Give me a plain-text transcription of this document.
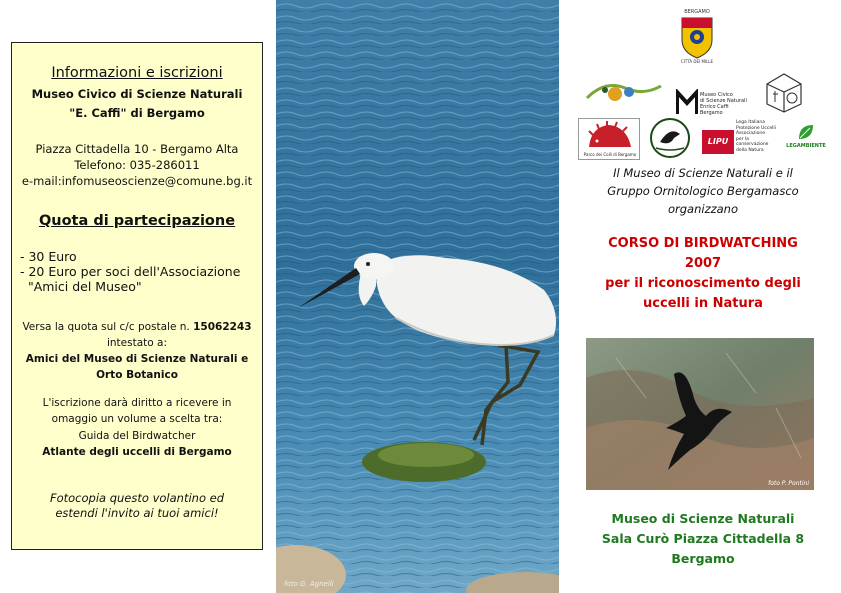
Informazioni e iscrizioni
Museo Civico di Scienze Naturali
"E. Caffi" di Bergamo
Piazza Cittadella 10 - Bergamo Alta
Telefono: 035-286011
e-mail:infomuseoscienze@comune.bg.it
Quota di partecipazione
- 30 Euro
- 20 Euro per soci dell'Associazione
"Amici del Museo"
Versa la quota sul c/c postale n. 15062243
intestato a:
Amici del Museo di Scienze Naturali e
Orto Botanico
L'iscrizione darà diritto a ricevere in
omaggio un volume a scelta tra:
Guida del Birdwatcher
Atlante degli uccelli di Bergamo
Fotocopia questo volantino ed
estendi l'invito ai tuoi amici!
foto G. Agnelli
BERGAMO
CITTÀ DEI MILLE
Museo Civico
di Scienze Naturali
Enrico Caffi
Bergamo
Parco dei Colli di Bergamo
LIPU
Lega Italiana
Protezione Uccelli
Associazione
per la conservazione
della Natura
LEGAMBIENTE
Il Museo di Scienze Naturali e il
Gruppo Ornitologico Bergamasco
organizzano
CORSO DI BIRDWATCHING
2007
per il riconoscimento degli
uccelli in Natura
foto P. Pontini
Museo di Scienze Naturali
Sala Curò Piazza Cittadella 8
Bergamo
